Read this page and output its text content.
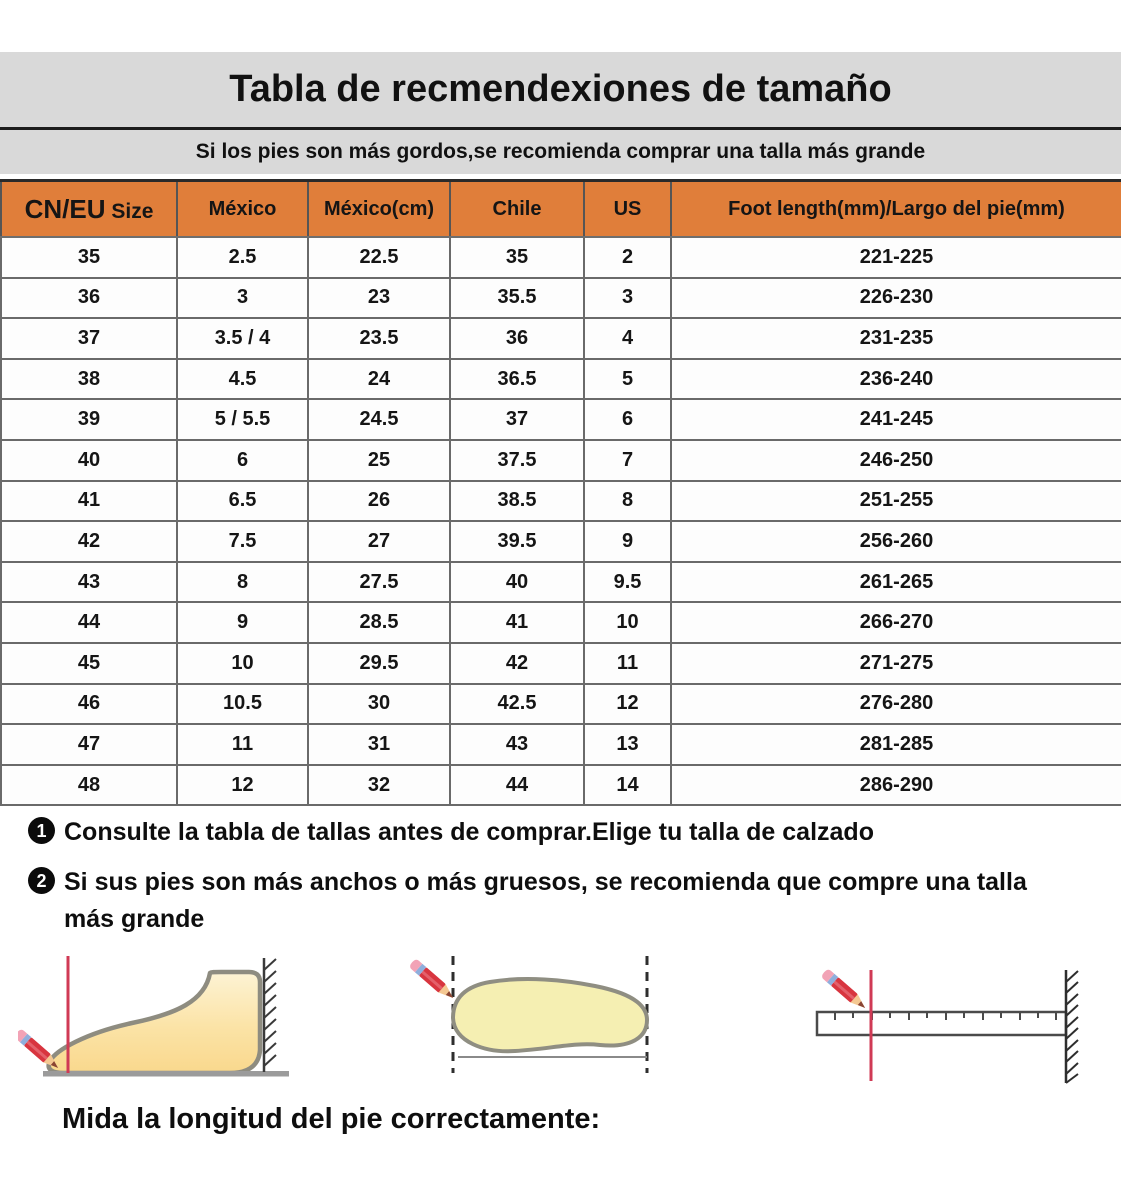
Tabla de recmendexiones de tamaño

Si los pies son más gordos,se recomienda comprar una talla más grande

CN/EU Size	México	México(cm)	Chile	US	Foot length(mm)/Largo del pie(mm)
35	2.5	22.5	35	2	221-225
36	3	23	35.5	3	226-230
37	3.5 / 4	23.5	36	4	231-235
38	4.5	24	36.5	5	236-240
39	5 / 5.5	24.5	37	6	241-245
40	6	25	37.5	7	246-250
41	6.5	26	38.5	8	251-255
42	7.5	27	39.5	9	256-260
43	8	27.5	40	9.5	261-265
44	9	28.5	41	10	266-270
45	10	29.5	42	11	271-275
46	10.5	30	42.5	12	276-280
47	11	31	43	13	281-285
48	12	32	44	14	286-290
1 Consulte la tabla de tallas antes de comprar.Elige tu talla de calzado
2 Si sus pies son más anchos o más gruesos, se recomienda que compre una talla más grande
Mida la longitud del pie correctamente:
